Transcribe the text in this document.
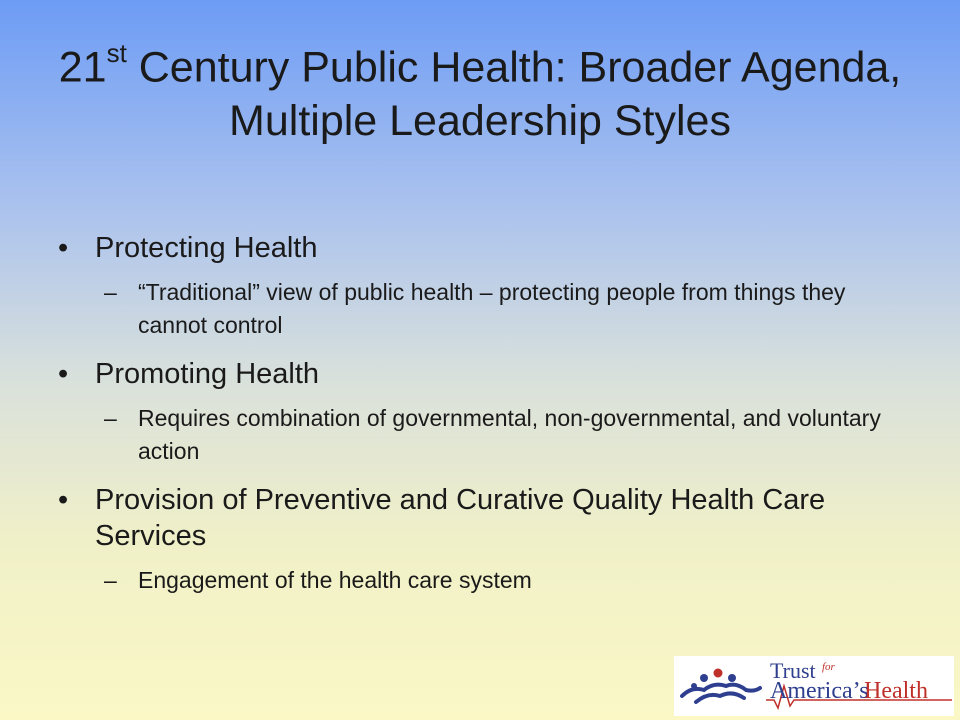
21st Century Public Health: Broader Agenda, Multiple Leadership Styles
• Protecting Health
– “Traditional” view of public health – protecting people from things they cannot control
• Promoting Health
– Requires combination of governmental, non-governmental, and voluntary action
• Provision of Preventive and Curative Quality Health Care Services
– Engagement of the health care system
Trust for
America’s
Health
